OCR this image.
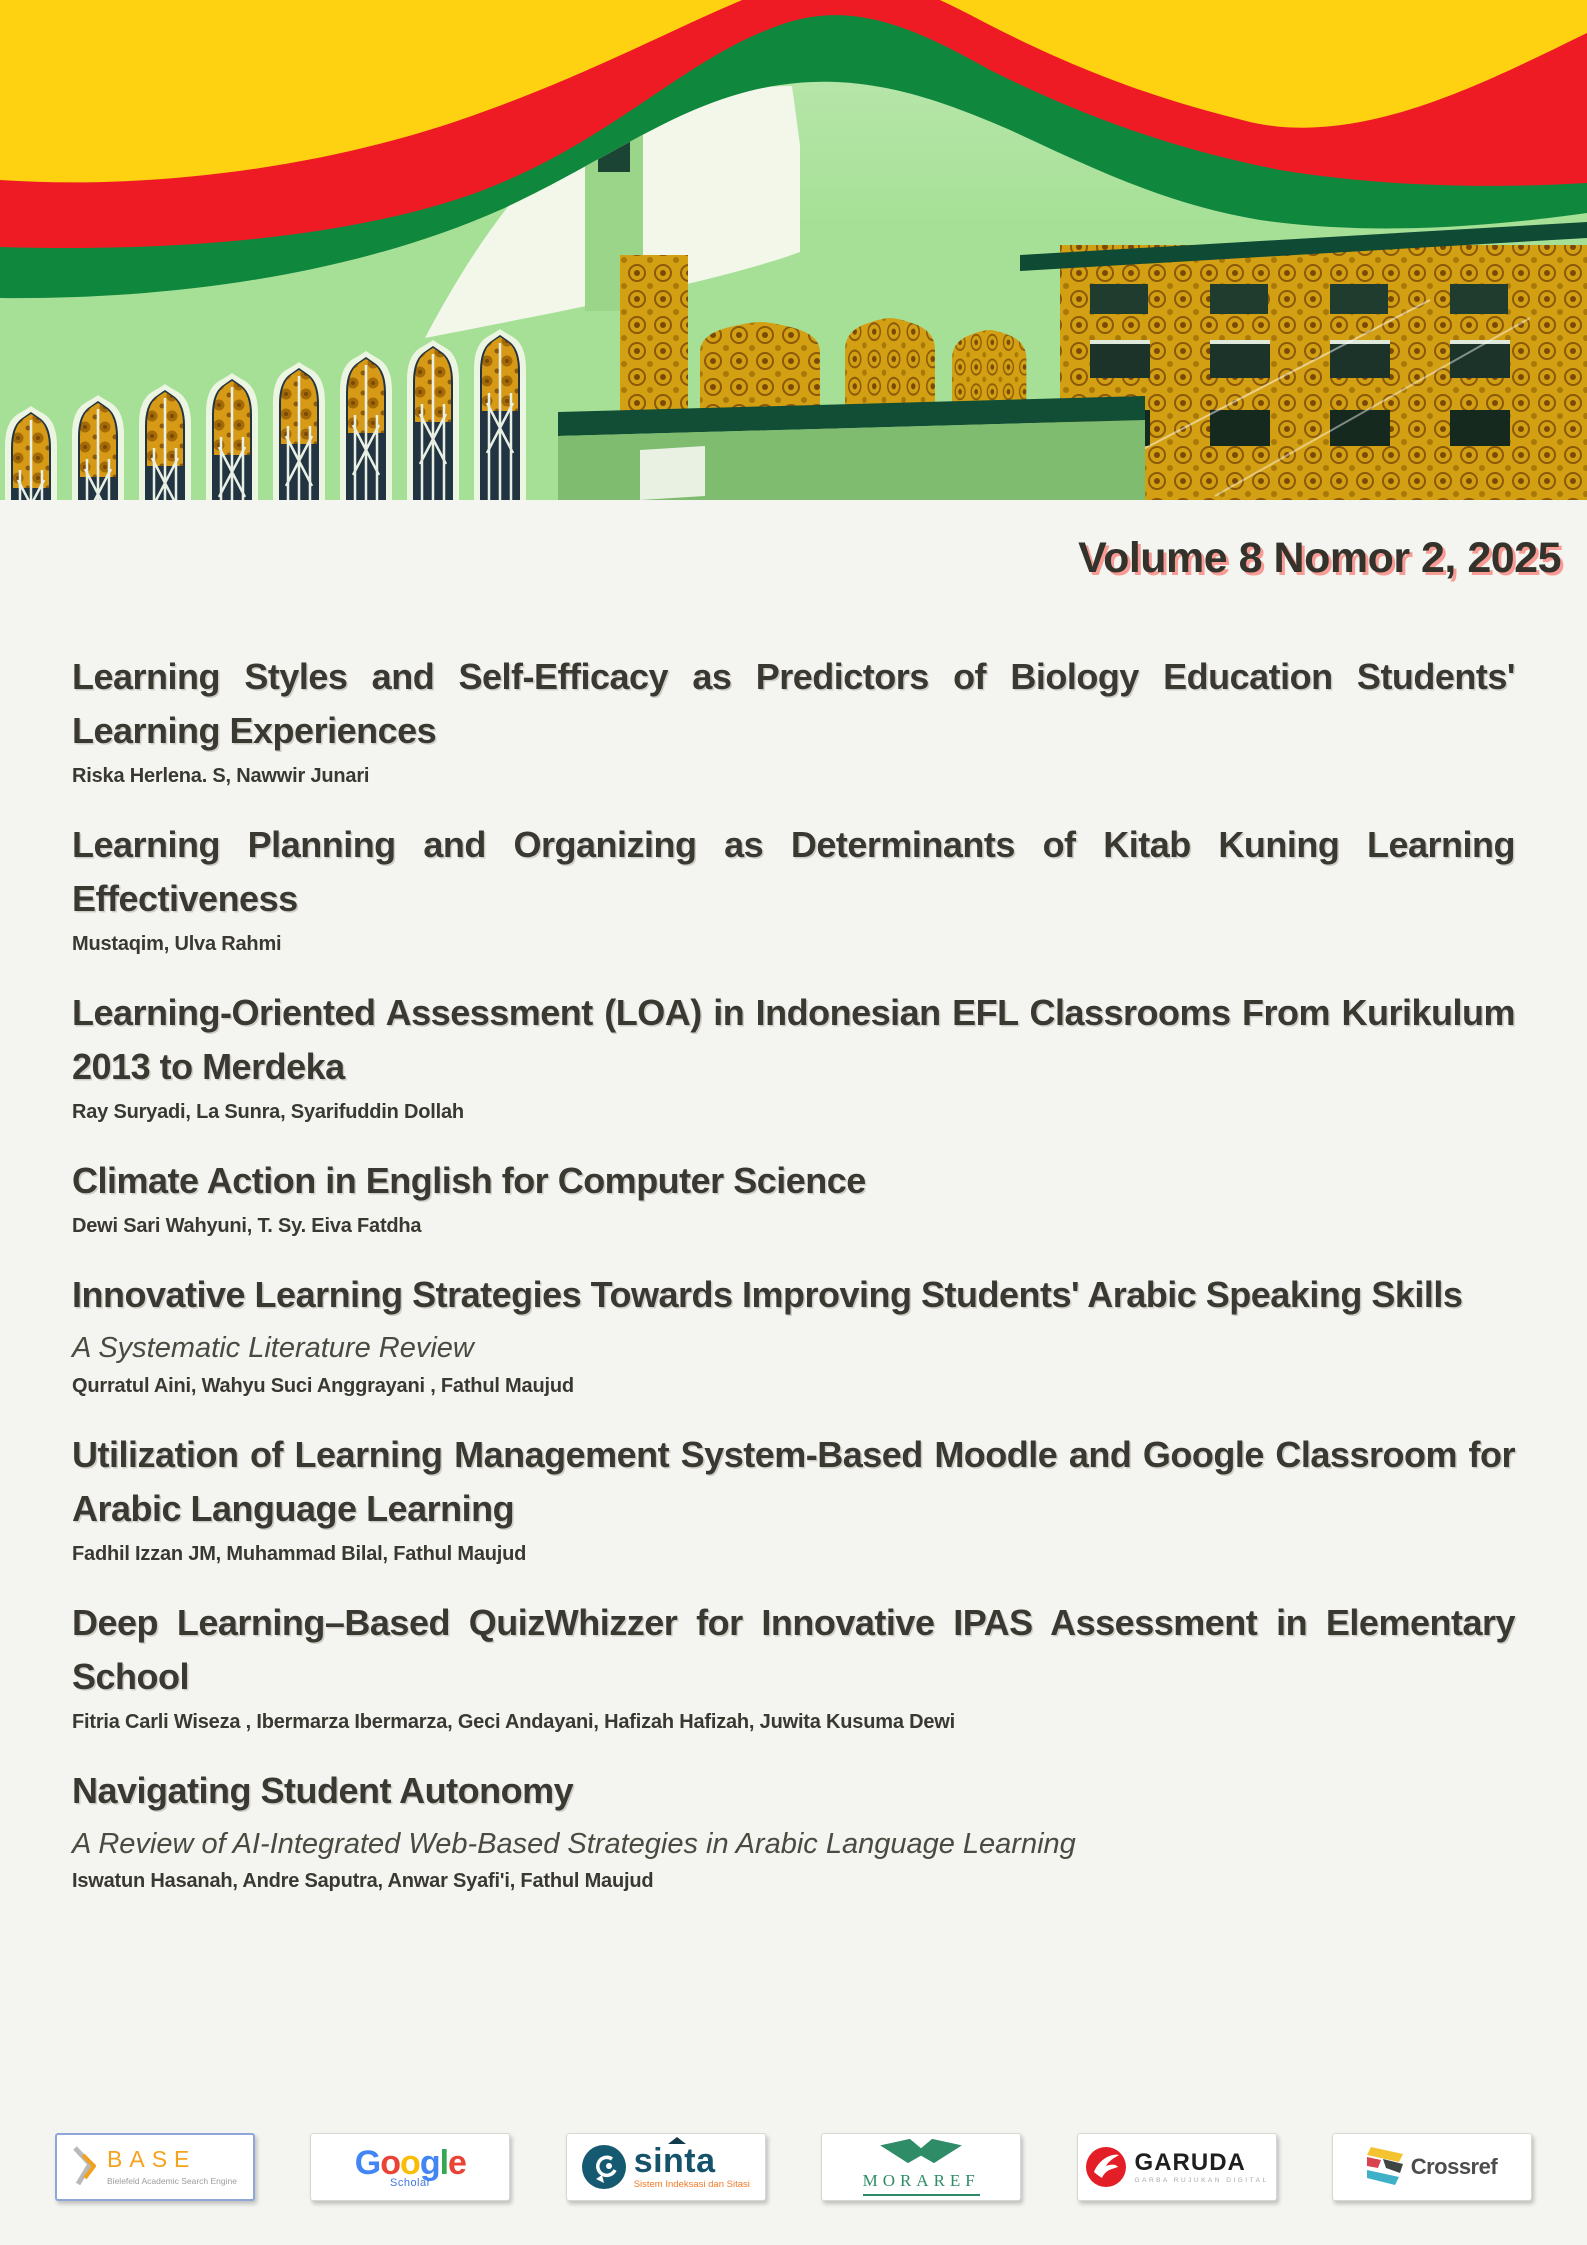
Volume 8 Nomor 2, 2025
Learning Styles and Self-Efficacy as Predictors of Biology Education Students' Learning Experiences
Riska Herlena. S, Nawwir Junari
Learning Planning and Organizing as Determinants of Kitab Kuning Learning Effectiveness
Mustaqim, Ulva Rahmi
Learning-Oriented Assessment (LOA) in Indonesian EFL Classrooms From Kurikulum 2013 to Merdeka
Ray Suryadi, La Sunra, Syarifuddin Dollah
Climate Action in English for Computer Science
Dewi Sari Wahyuni, T. Sy. Eiva Fatdha
Innovative Learning Strategies Towards Improving Students' Arabic Speaking Skills
A Systematic Literature Review
Qurratul Aini, Wahyu Suci Anggrayani , Fathul Maujud
Utilization of Learning Management System-Based Moodle and Google Classroom for Arabic Language Learning
Fadhil Izzan JM, Muhammad Bilal, Fathul Maujud
Deep Learning–Based QuizWhizzer for Innovative IPAS Assessment in Elementary School
Fitria Carli Wiseza , Ibermarza Ibermarza, Geci Andayani, Hafizah Hafizah, Juwita Kusuma Dewi
Navigating Student Autonomy
A Review of AI-Integrated Web-Based Strategies in Arabic Language Learning
Iswatun Hasanah, Andre Saputra, Anwar Syafi'i, Fathul Maujud
BASE
Bielefeld Academic Search Engine	Google
Scholar
sinta
Sistem Indeksasi dan Sitasi	MORAREF
GARUDA
GARBA RUJUKAN DIGITAL
Crossref
